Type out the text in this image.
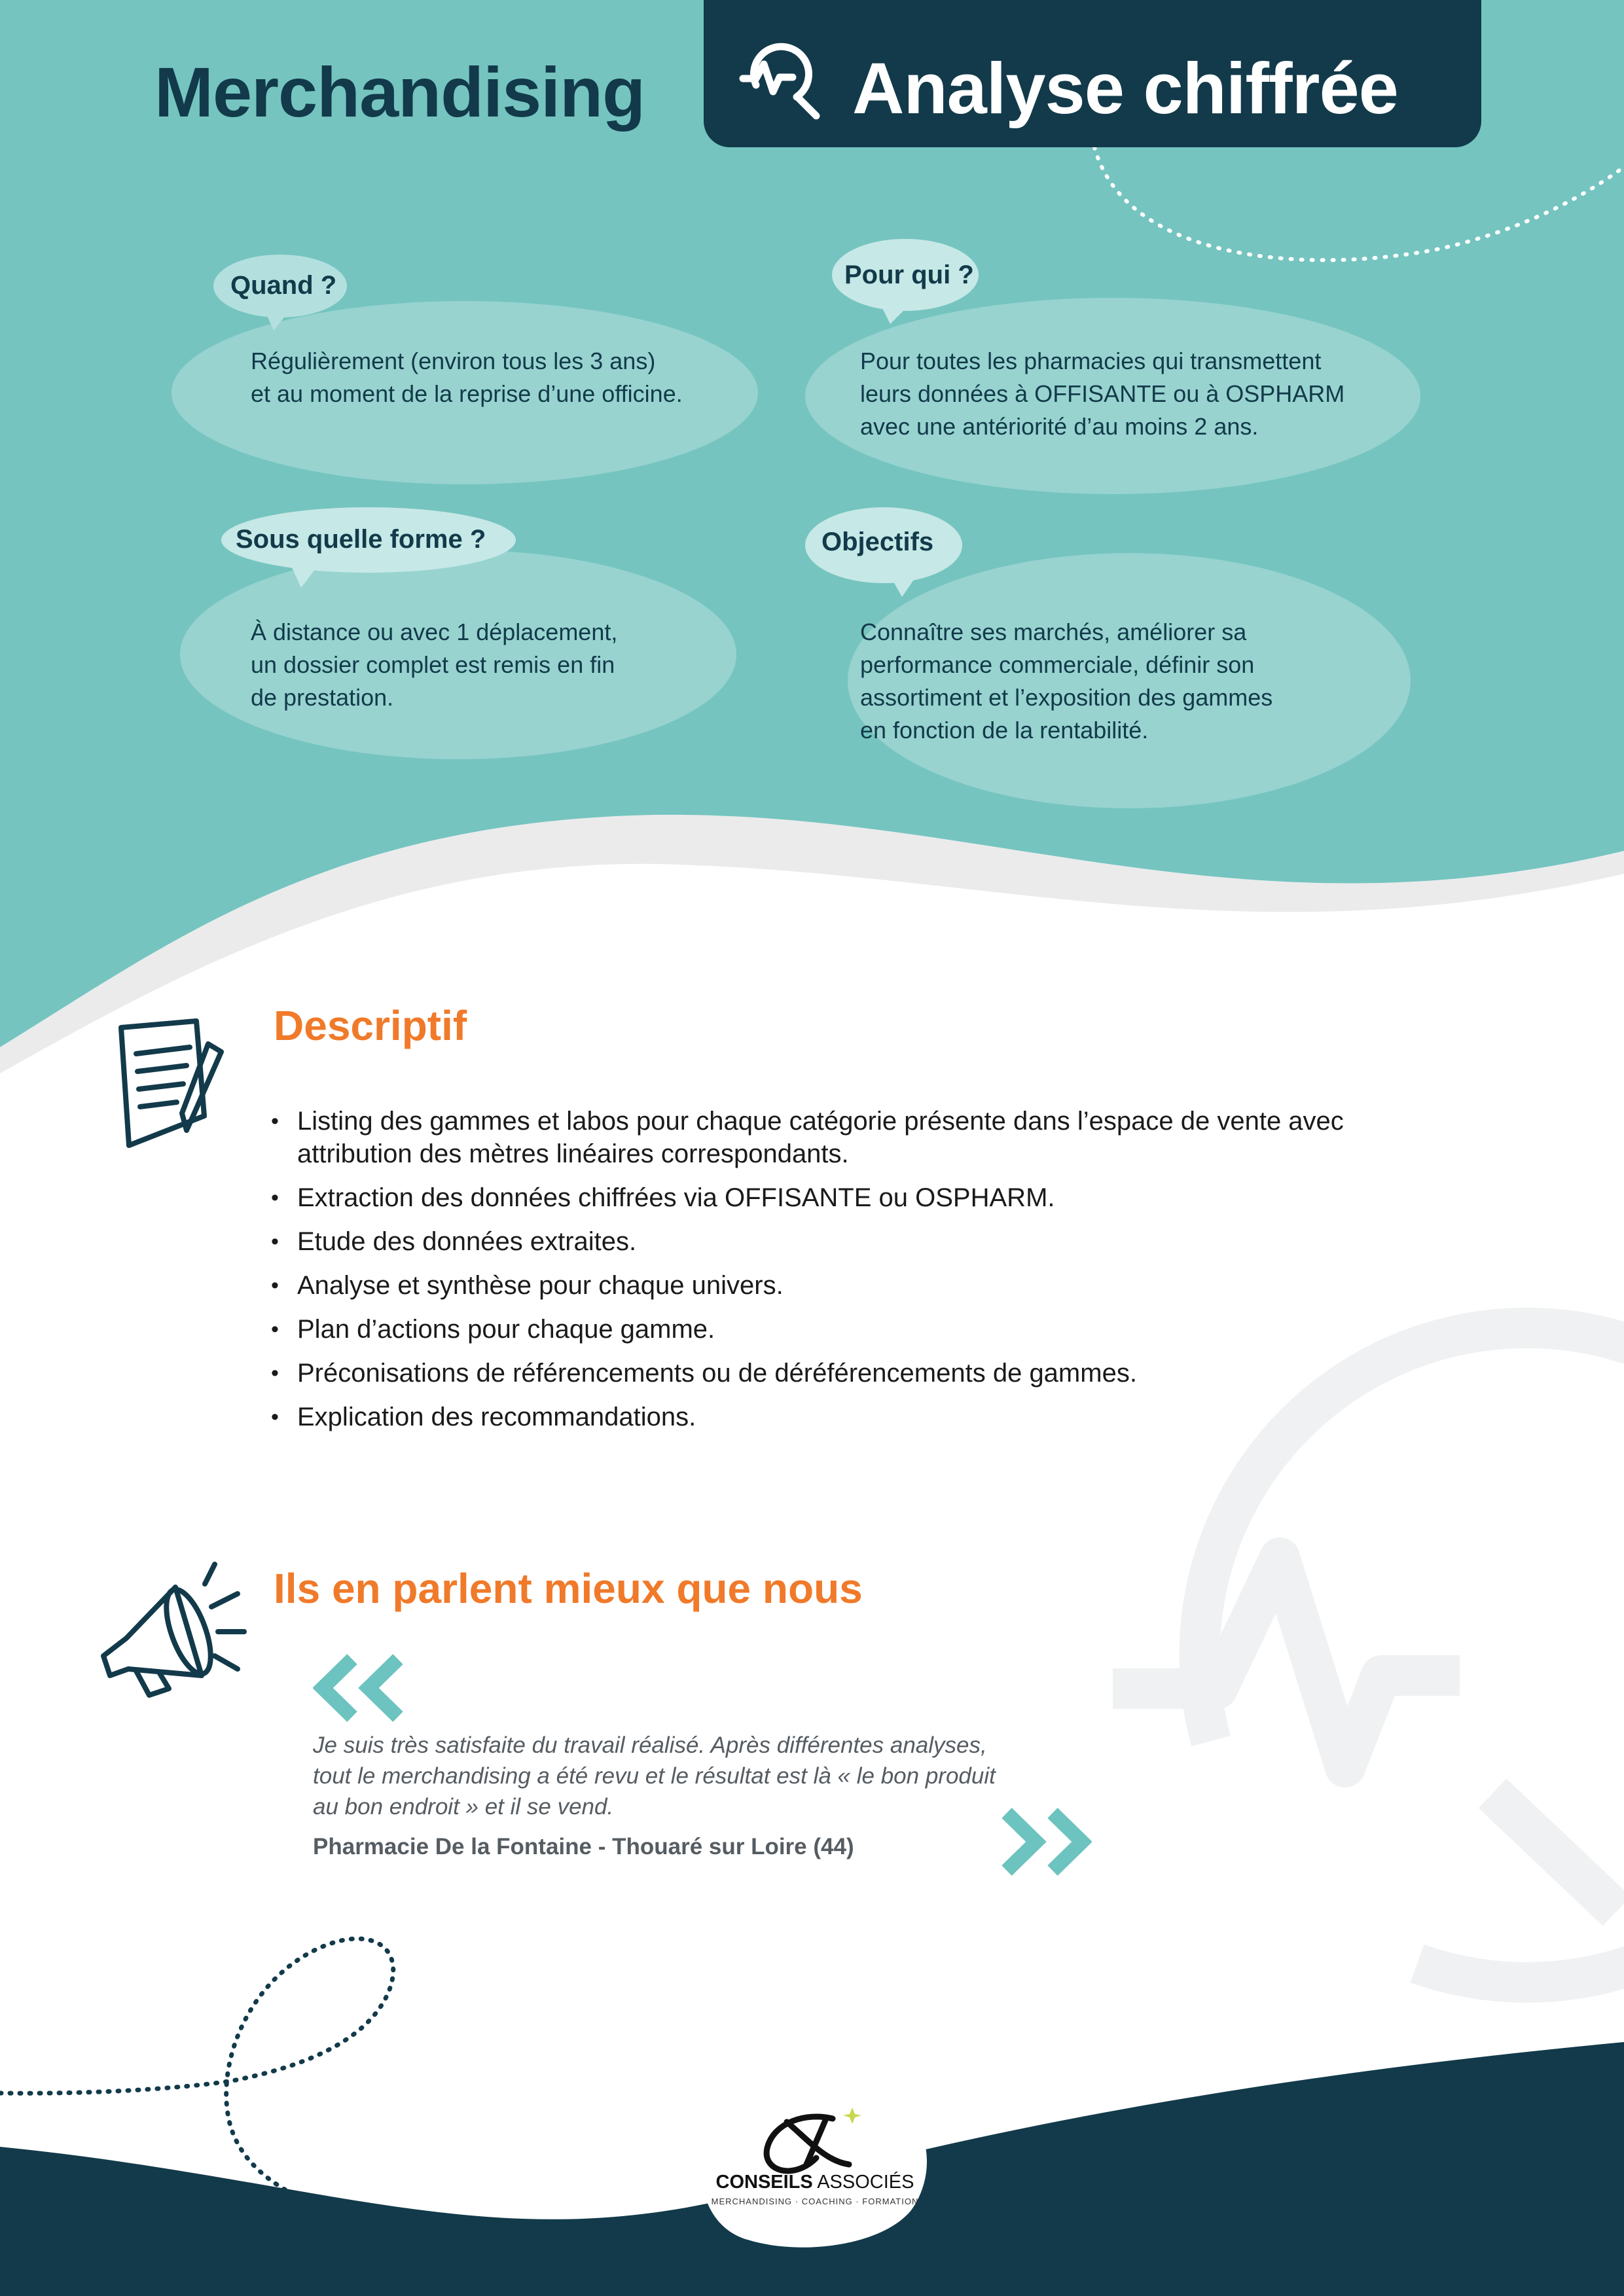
Merchandising	Analyse chiffrée
Quand ?
Régulièrement (environ tous les 3 ans)
et au moment de la reprise d’une officine.
Pour qui ?
Pour toutes les pharmacies qui transmettent
leurs données à OFFISANTE ou à OSPHARM
avec une antériorité d’au moins 2 ans.
Sous quelle forme ?
À distance ou avec 1 déplacement,
un dossier complet est remis en fin
de prestation.
Objectifs
Connaître ses marchés, améliorer sa
performance commerciale, définir son
assortiment et l’exposition des gammes
en fonction de la rentabilité.
Descriptif
• Listing des gammes et labos pour chaque catégorie présente dans l’espace de vente avec attribution des mètres linéaires correspondants.
• Extraction des données chiffrées via OFFISANTE ou OSPHARM.
• Etude des données extraites.
• Analyse et synthèse pour chaque univers.
• Plan d’actions pour chaque gamme.
• Préconisations de référencements ou de déréférencements de gammes.
• Explication des recommandations.
Ils en parlent mieux que nous
Je suis très satisfaite du travail réalisé. Après différentes analyses,
tout le merchandising a été revu et le résultat est là « le bon produit
au bon endroit » et il se vend.
Pharmacie De la Fontaine - Thouaré sur Loire (44)
CONSEILS ASSOCIÉS
MERCHANDISING · COACHING · FORMATION
